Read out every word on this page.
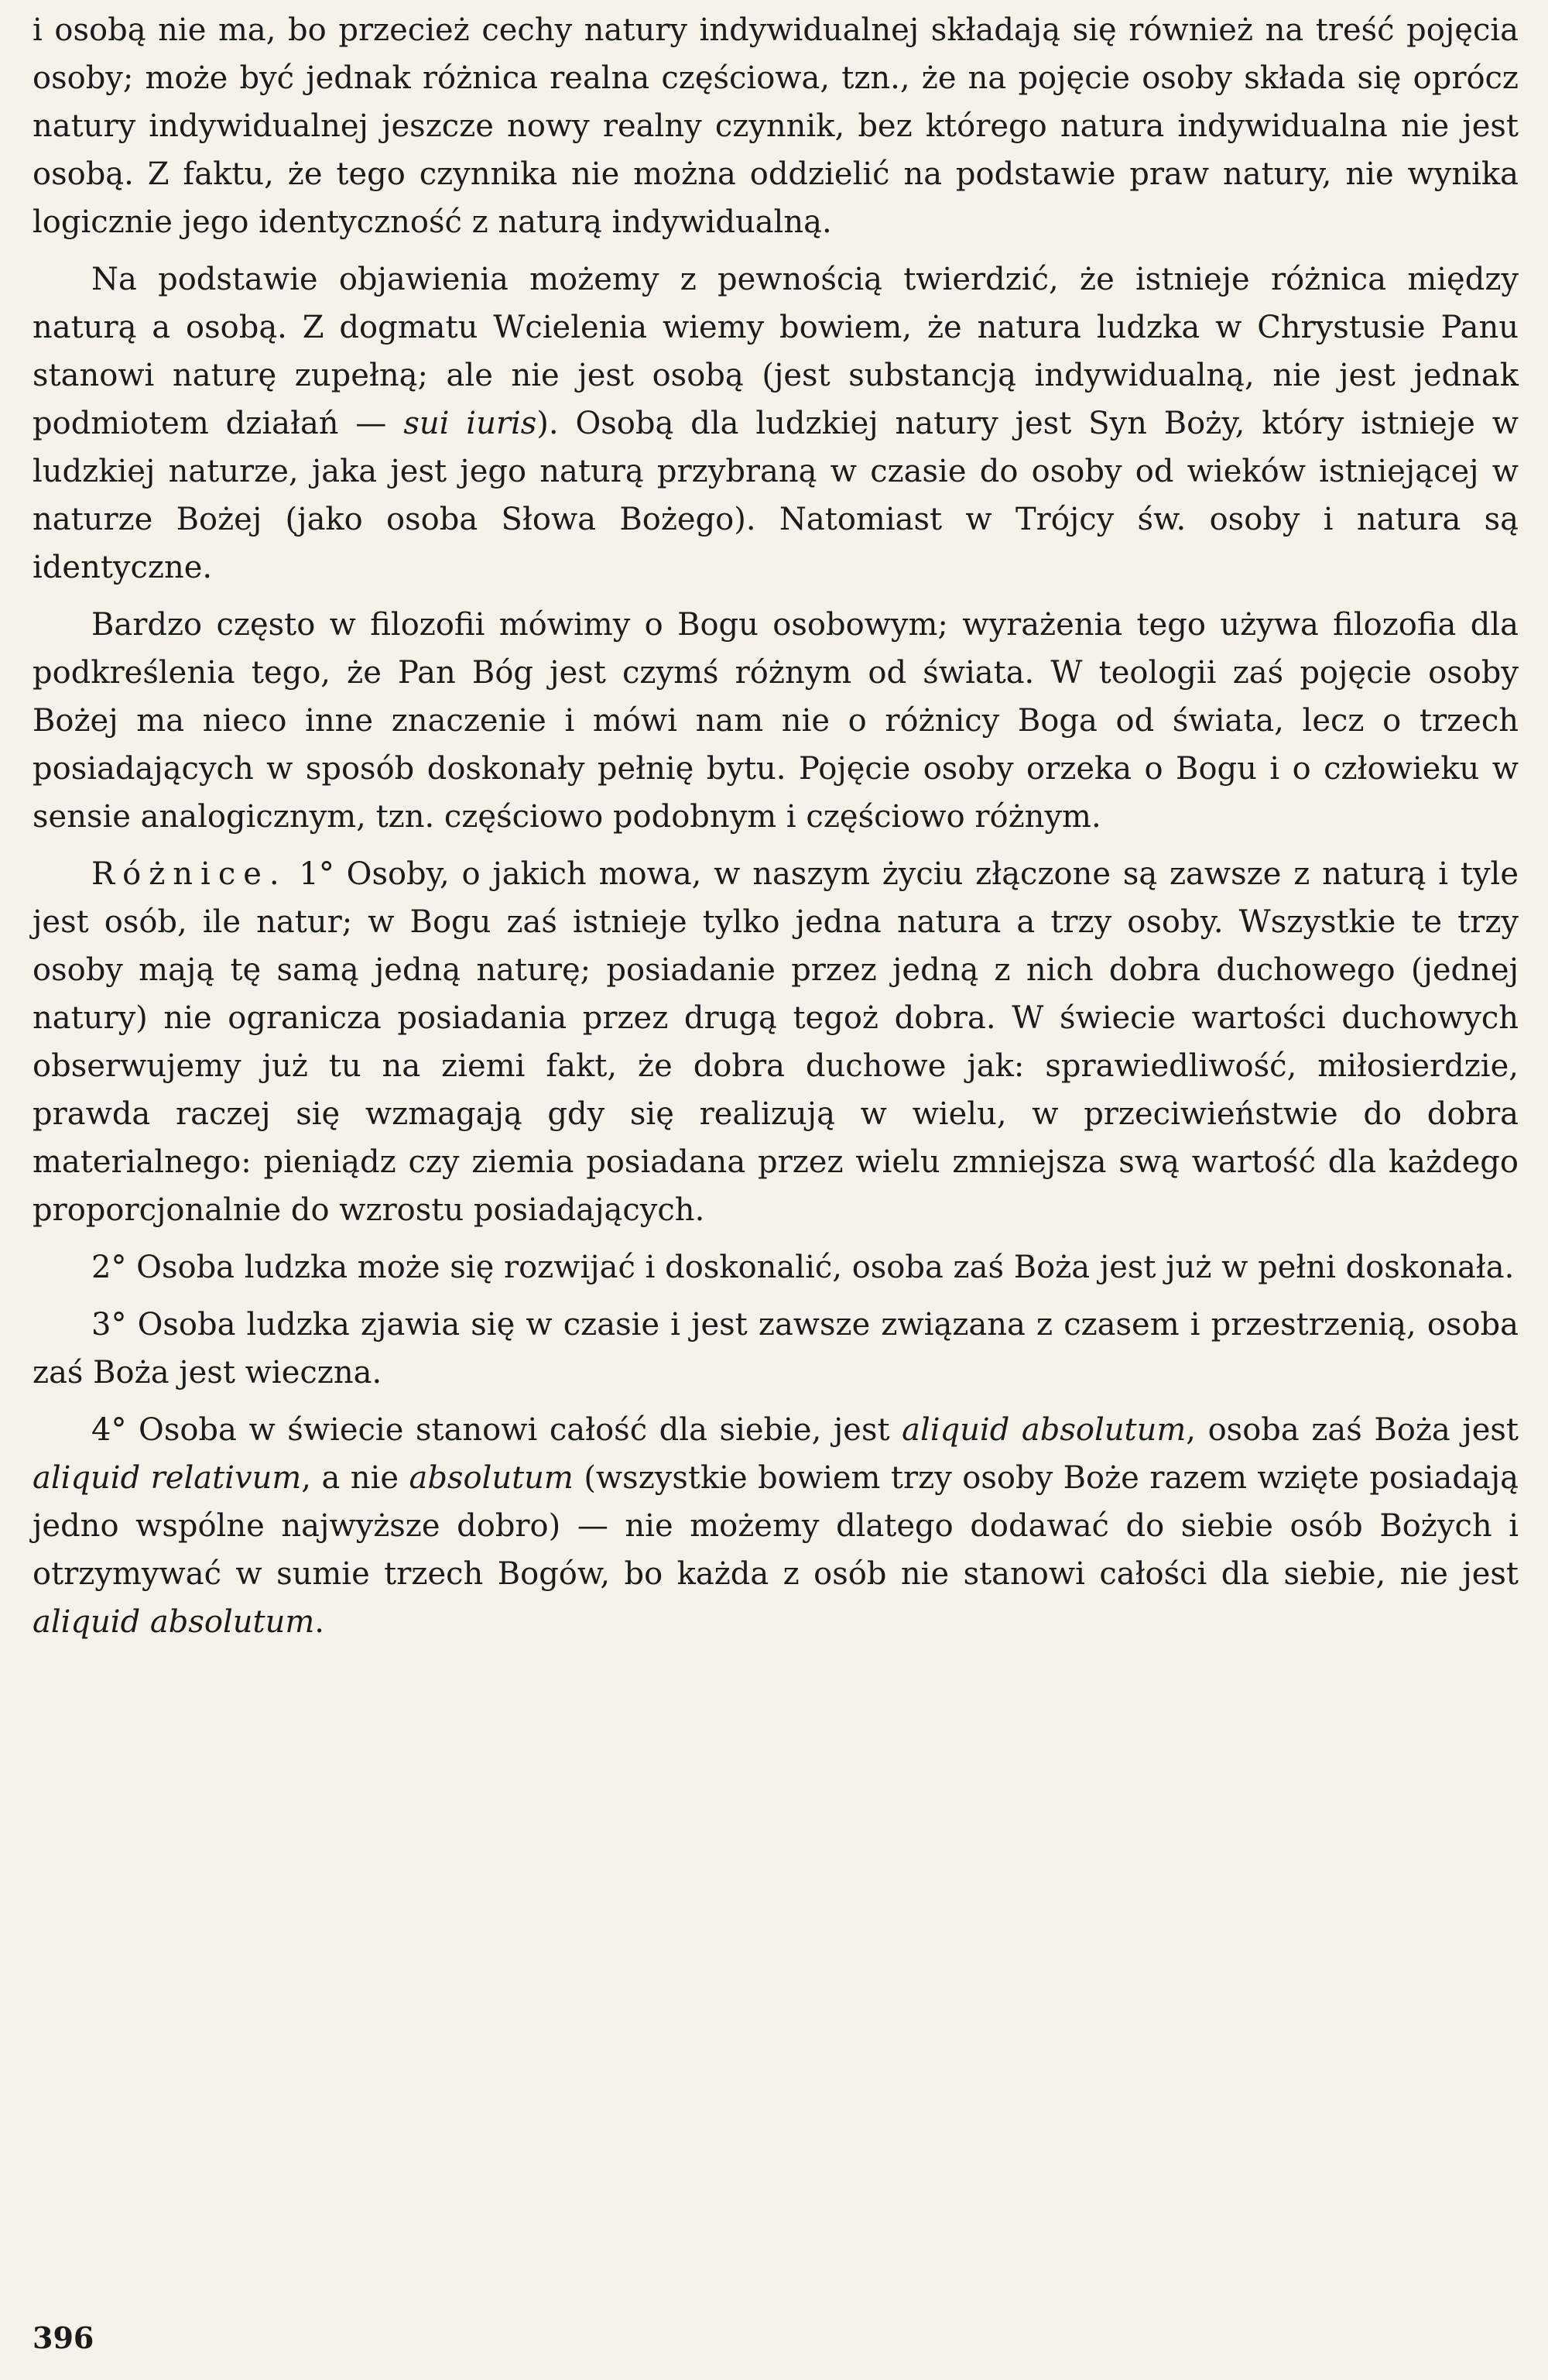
i osobą nie ma, bo przecież cechy natury indywidualnej składają się również na treść pojęcia osoby; może być jednak różnica realna częściowa, tzn., że na pojęcie osoby składa się oprócz natury indywidualnej jeszcze nowy realny czynnik, bez którego natura indywidualna nie jest osobą. Z faktu, że tego czynnika nie można oddzielić na podstawie praw natury, nie wynika logicznie jego identyczność z naturą indywidualną.

Na podstawie objawienia możemy z pewnością twierdzić, że istnieje różnica między naturą a osobą. Z dogmatu Wcielenia wiemy bowiem, że natura ludzka w Chrystusie Panu stanowi naturę zupełną; ale nie jest osobą (jest substancją indywidualną, nie jest jednak podmiotem działań — sui iuris). Osobą dla ludzkiej natury jest Syn Boży, który istnieje w ludzkiej naturze, jaka jest jego naturą przybraną w czasie do osoby od wieków istniejącej w naturze Bożej (jako osoba Słowa Bożego). Natomiast w Trójcy św. osoby i natura są identyczne.

Bardzo często w filozofii mówimy o Bogu osobowym; wyrażenia tego używa filozofia dla podkreślenia tego, że Pan Bóg jest czymś różnym od świata. W teologii zaś pojęcie osoby Bożej ma nieco inne znaczenie i mówi nam nie o różnicy Boga od świata, lecz o trzech posiadających w sposób doskonały pełnię bytu. Pojęcie osoby orzeka o Bogu i o człowieku w sensie analogicznym, tzn. częściowo podobnym i częściowo różnym.

Różnice. 1° Osoby, o jakich mowa, w naszym życiu złączone są zawsze z naturą i tyle jest osób, ile natur; w Bogu zaś istnieje tylko jedna natura a trzy osoby. Wszystkie te trzy osoby mają tę samą jedną naturę; posiadanie przez jedną z nich dobra duchowego (jednej natury) nie ogranicza posiadania przez drugą tegoż dobra. W świecie wartości duchowych obserwujemy już tu na ziemi fakt, że dobra duchowe jak: sprawiedliwość, miłosierdzie, prawda raczej się wzmagają gdy się realizują w wielu, w przeciwieństwie do dobra materialnego: pieniądz czy ziemia posiadana przez wielu zmniejsza swą wartość dla każdego proporcjonalnie do wzrostu posiadających.

2° Osoba ludzka może się rozwijać i doskonalić, osoba zaś Boża jest już w pełni doskonała.

3° Osoba ludzka zjawia się w czasie i jest zawsze związana z czasem i przestrzenią, osoba zaś Boża jest wieczna.

4° Osoba w świecie stanowi całość dla siebie, jest aliquid absolutum, osoba zaś Boża jest aliquid relativum, a nie absolutum (wszystkie bowiem trzy osoby Boże razem wzięte posiadają jedno wspólne najwyższe dobro) — nie możemy dlatego dodawać do siebie osób Bożych i otrzymywać w sumie trzech Bogów, bo każda z osób nie stanowi całości dla siebie, nie jest aliquid absolutum.

396
